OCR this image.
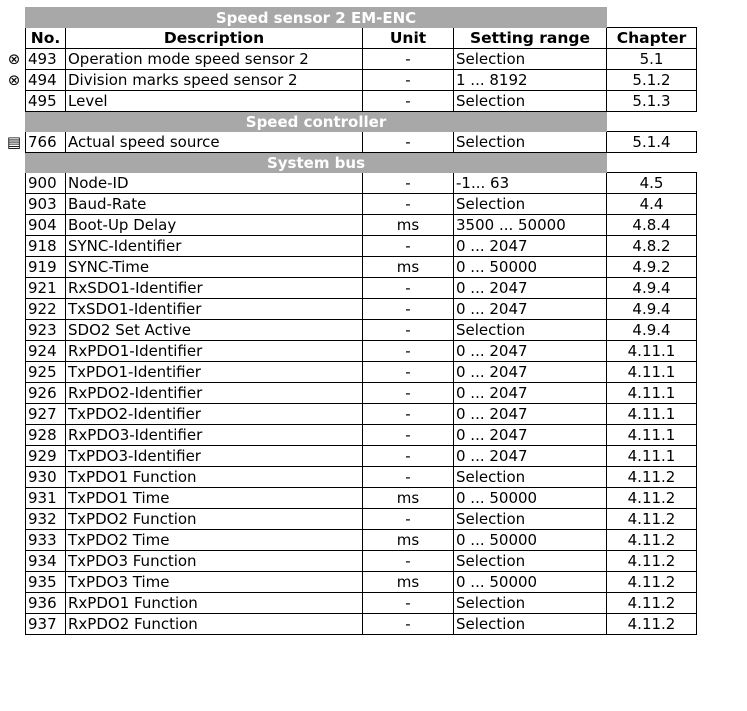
Speed sensor 2 EM-ENC				
No.	Description	Unit	Setting range	Chapter
493	Operation mode speed sensor 2	-	Selection	5.1
494	Division marks speed sensor 2	-	1 ... 8192	5.1.2
495	Level	-	Selection	5.1.3
Speed controller				
766	Actual speed source	-	Selection	5.1.4
System bus				
900	Node-ID	-	-1... 63	4.5
903	Baud-Rate	-	Selection	4.4
904	Boot-Up Delay	ms	3500 ... 50000	4.8.4
918	SYNC-Identifier	-	0 ... 2047	4.8.2
919	SYNC-Time	ms	0 ... 50000	4.9.2
921	RxSDO1-Identifier	-	0 ... 2047	4.9.4
922	TxSDO1-Identifier	-	0 ... 2047	4.9.4
923	SDO2 Set Active	-	Selection	4.9.4
924	RxPDO1-Identifier	-	0 ... 2047	4.11.1
925	TxPDO1-Identifier	-	0 ... 2047	4.11.1
926	RxPDO2-Identifier	-	0 ... 2047	4.11.1
927	TxPDO2-Identifier	-	0 ... 2047	4.11.1
928	RxPDO3-Identifier	-	0 ... 2047	4.11.1
929	TxPDO3-Identifier	-	0 ... 2047	4.11.1
930	TxPDO1 Function	-	Selection	4.11.2
931	TxPDO1 Time	ms	0 ... 50000	4.11.2
932	TxPDO2 Function	-	Selection	4.11.2
933	TxPDO2 Time	ms	0 ... 50000	4.11.2
934	TxPDO3 Function	-	Selection	4.11.2
935	TxPDO3 Time	ms	0 ... 50000	4.11.2
936	RxPDO1 Function	-	Selection	4.11.2
937	RxPDO2 Function	-	Selection	4.11.2
⊗
⊗
▤
